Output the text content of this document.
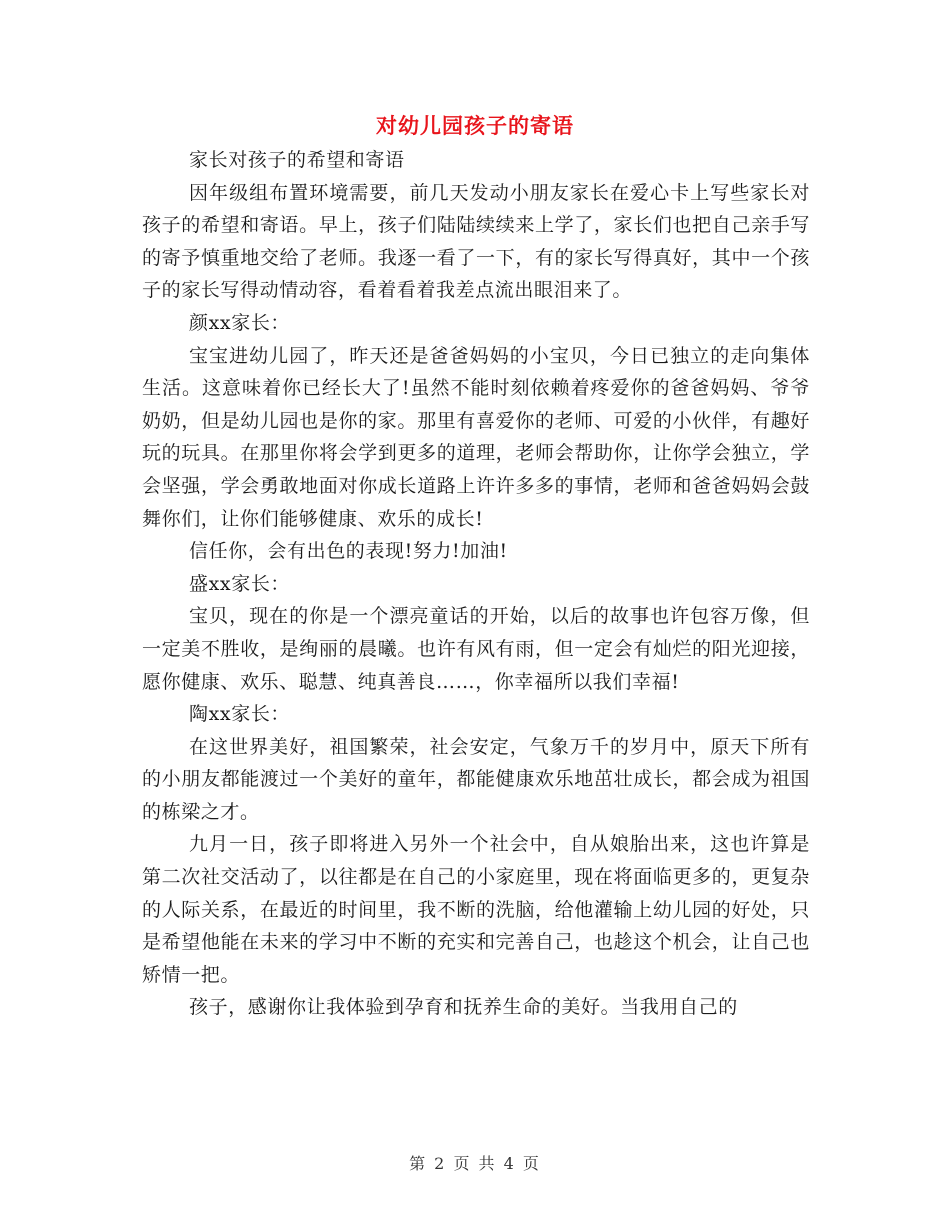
对幼儿园孩子的寄语

家长对孩子的希望和寄语

因年级组布置环境需要，前几天发动小朋友家长在爱心卡上写些家长对孩子的希望和寄语。早上，孩子们陆陆续续来上学了，家长们也把自己亲手写的寄予慎重地交给了老师。我逐一看了一下，有的家长写得真好，其中一个孩子的家长写得动情动容，看着看着我差点流出眼泪来了。

颜xx家长：

宝宝进幼儿园了，昨天还是爸爸妈妈的小宝贝，今日已独立的走向集体生活。这意味着你已经长大了!虽然不能时刻依赖着疼爱你的爸爸妈妈、爷爷奶奶，但是幼儿园也是你的家。那里有喜爱你的老师、可爱的小伙伴，有趣好玩的玩具。在那里你将会学到更多的道理，老师会帮助你，让你学会独立，学会坚强，学会勇敢地面对你成长道路上许许多多的事情，老师和爸爸妈妈会鼓舞你们，让你们能够健康、欢乐的成长!

信任你，会有出色的表现!努力!加油!

盛xx家长：

宝贝，现在的你是一个漂亮童话的开始，以后的故事也许包容万像，但一定美不胜收，是绚丽的晨曦。也许有风有雨，但一定会有灿烂的阳光迎接，愿你健康、欢乐、聪慧、纯真善良……，你幸福所以我们幸福!

陶xx家长：

在这世界美好，祖国繁荣，社会安定，气象万千的岁月中，原天下所有的小朋友都能渡过一个美好的童年，都能健康欢乐地茁壮成长，都会成为祖国的栋梁之才。

九月一日，孩子即将进入另外一个社会中，自从娘胎出来，这也许算是第二次社交活动了，以往都是在自己的小家庭里，现在将面临更多的，更复杂的人际关系，在最近的时间里，我不断的洗脑，给他灌输上幼儿园的好处，只是希望他能在未来的学习中不断的充实和完善自己，也趁这个机会，让自己也矫情一把。

孩子，感谢你让我体验到孕育和抚养生命的美好。当我用自己的

第 2 页 共 4 页
